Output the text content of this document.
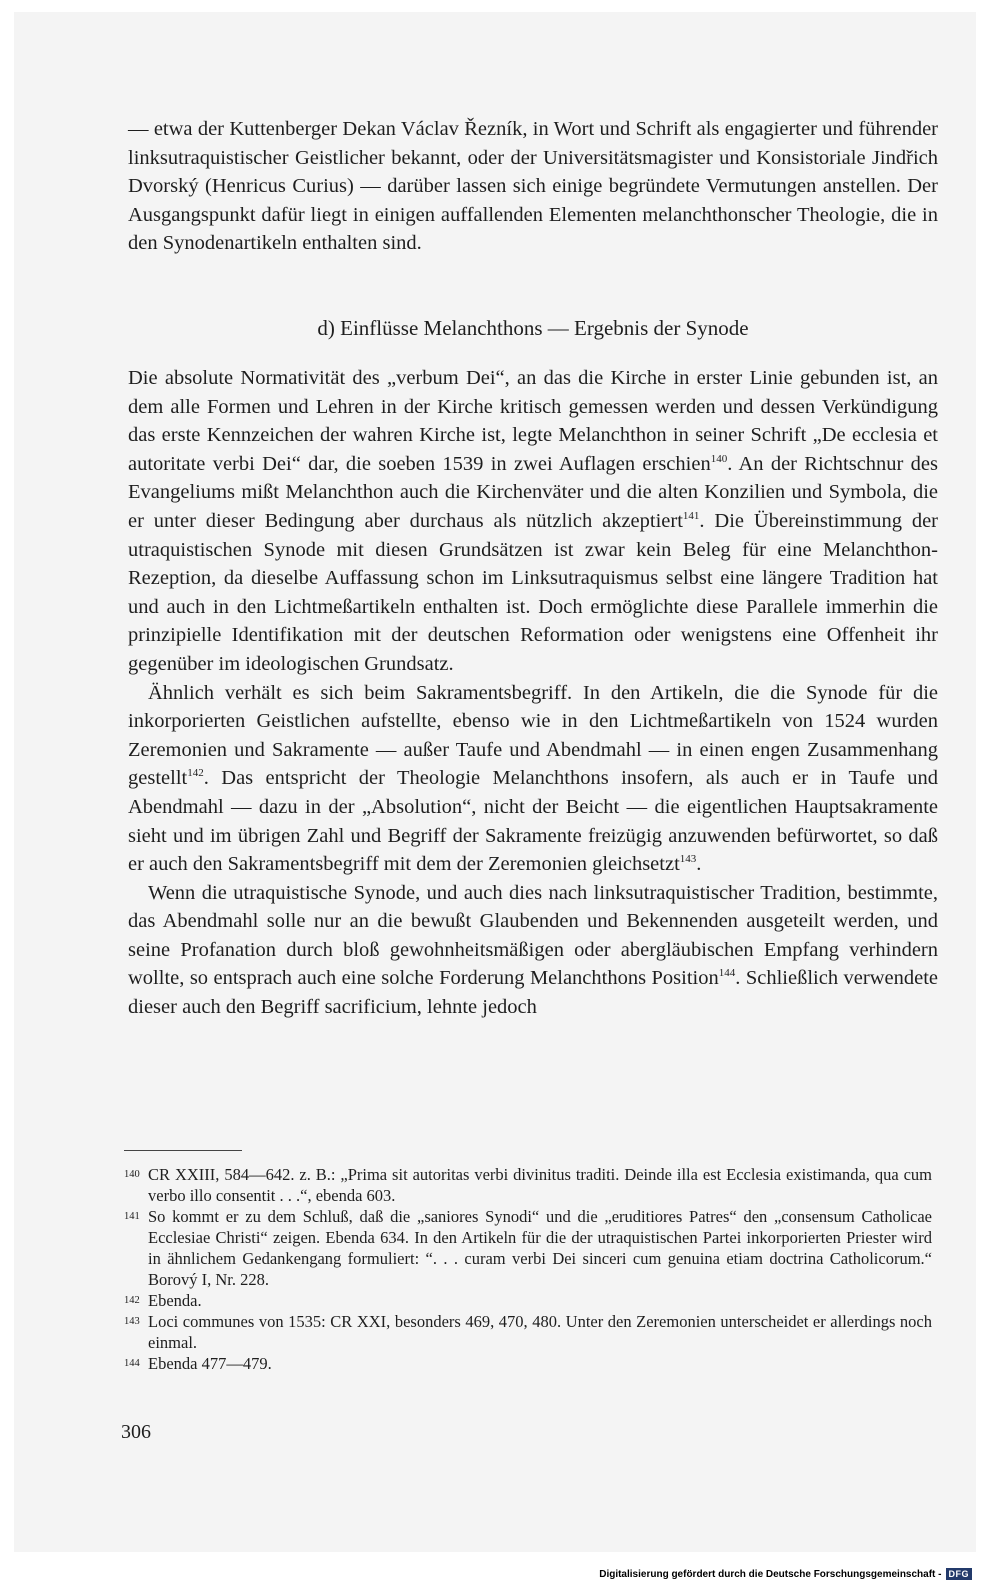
— etwa der Kuttenberger Dekan Václav Řezník, in Wort und Schrift als engagierter und führender linksutraquistischer Geistlicher bekannt, oder der Universitätsmagister und Konsistoriale Jindřich Dvorský (Henricus Curius) — darüber lassen sich einige begründete Vermutungen anstellen. Der Ausgangspunkt dafür liegt in einigen auffallenden Elementen melanchthonscher Theologie, die in den Synodenartikeln enthalten sind.

d) Einflüsse Melanchthons — Ergebnis der Synode

Die absolute Normativität des „verbum Dei“, an das die Kirche in erster Linie gebunden ist, an dem alle Formen und Lehren in der Kirche kritisch gemessen werden und dessen Verkündigung das erste Kennzeichen der wahren Kirche ist, legte Melanchthon in seiner Schrift „De ecclesia et autoritate verbi Dei“ dar, die soeben 1539 in zwei Auflagen erschien$^{140}$. An der Richtschnur des Evangeliums mißt Melanchthon auch die Kirchenväter und die alten Konzilien und Symbola, die er unter dieser Bedingung aber durchaus als nützlich akzeptiert$^{141}$. Die Übereinstimmung der utraquistischen Synode mit diesen Grundsätzen ist zwar kein Beleg für eine Melanchthon-Rezeption, da dieselbe Auffassung schon im Linksutraquismus selbst eine längere Tradition hat und auch in den Lichtmeßartikeln enthalten ist. Doch ermöglichte diese Parallele immerhin die prinzipielle Identifikation mit der deutschen Reformation oder wenigstens eine Offenheit ihr gegenüber im ideologischen Grundsatz.

Ähnlich verhält es sich beim Sakramentsbegriff. In den Artikeln, die die Synode für die inkorporierten Geistlichen aufstellte, ebenso wie in den Lichtmeßartikeln von 1524 wurden Zeremonien und Sakramente — außer Taufe und Abendmahl — in einen engen Zusammenhang gestellt$^{142}$. Das entspricht der Theologie Melanchthons insofern, als auch er in Taufe und Abendmahl — dazu in der „Absolution“, nicht der Beicht — die eigentlichen Hauptsakramente sieht und im übrigen Zahl und Begriff der Sakramente freizügig anzuwenden befürwortet, so daß er auch den Sakramentsbegriff mit dem der Zeremonien gleichsetzt$^{143}$.

Wenn die utraquistische Synode, und auch dies nach linksutraquistischer Tradition, bestimmte, das Abendmahl solle nur an die bewußt Glaubenden und Bekennenden ausgeteilt werden, und seine Profanation durch bloß gewohnheitsmäßigen oder abergläubischen Empfang verhindern wollte, so entsprach auch eine solche Forderung Melanchthons Position$^{144}$. Schließlich verwendete dieser auch den Begriff sacrificium, lehnte jedoch

140 CR XXIII, 584—642. z. B.: „Prima sit autoritas verbi divinitus traditi. Deinde illa est Ecclesia existimanda, qua cum verbo illo consentit . . .“, ebenda 603.

141 So kommt er zu dem Schluß, daß die „saniores Synodi“ und die „eruditiores Patres“ den „consensum Catholicae Ecclesiae Christi“ zeigen. Ebenda 634. In den Artikeln für die der utraquistischen Partei inkorporierten Priester wird in ähnlichem Gedankengang formuliert: “. . . curam verbi Dei sinceri cum genuina etiam doctrina Catholicorum.“ Borový I, Nr. 228.

142 Ebenda.

143 Loci communes von 1535: CR XXI, besonders 469, 470, 480. Unter den Zeremonien unterscheidet er allerdings noch einmal.

144 Ebenda 477—479.

306
Digitalisierung gefördert durch die Deutsche Forschungsgemeinschaft - DFG
